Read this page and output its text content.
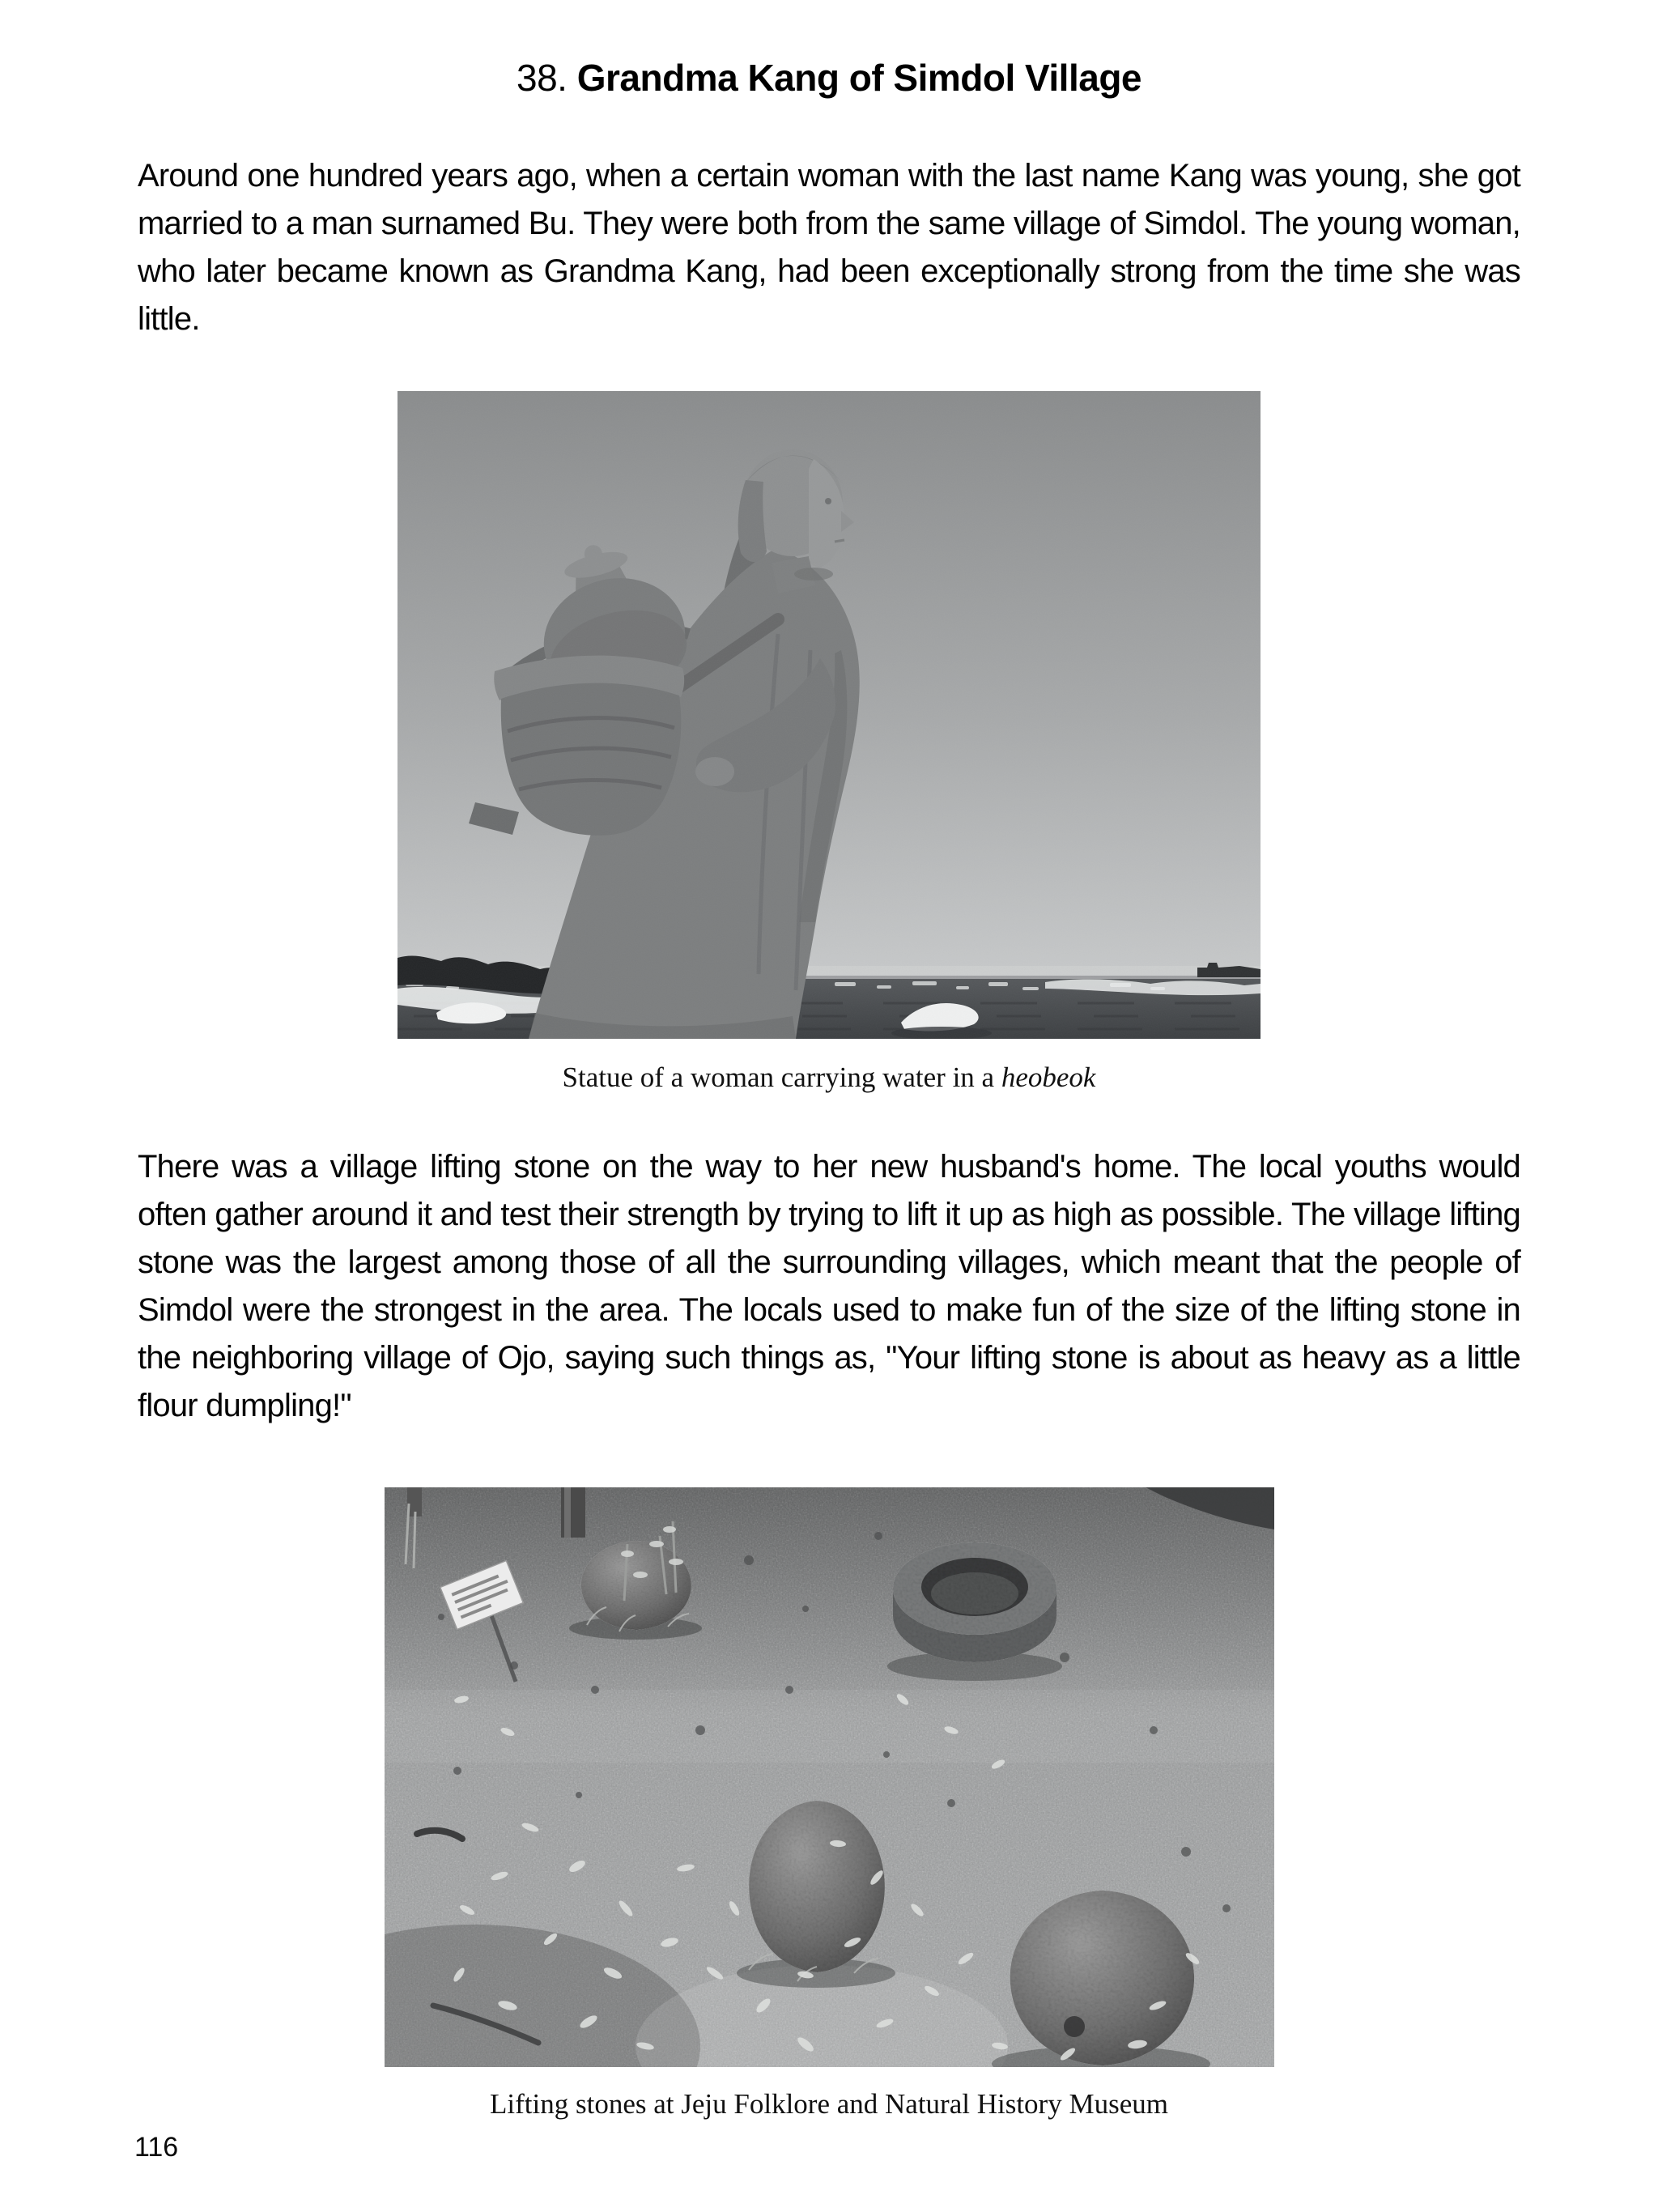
38. Grandma Kang of Simdol Village

Around one hundred years ago, when a certain woman with the last name Kang was young, she got married to a man surnamed Bu. They were both from the same village of Simdol. The young woman, who later became known as Grandma Kang, had been exceptionally strong from the time she was little.

Statue of a woman carrying water in a heobeok

There was a village lifting stone on the way to her new husband's home. The local youths would often gather around it and test their strength by trying to lift it up as high as possible. The village lifting stone was the largest among those of all the surrounding villages, which meant that the people of Simdol were the strongest in the area. The locals used to make fun of the size of the lifting stone in the neighboring village of Ojo, saying such things as, "Your lifting stone is about as heavy as a little flour dumpling!"

Lifting stones at Jeju Folklore and Natural History Museum
116
